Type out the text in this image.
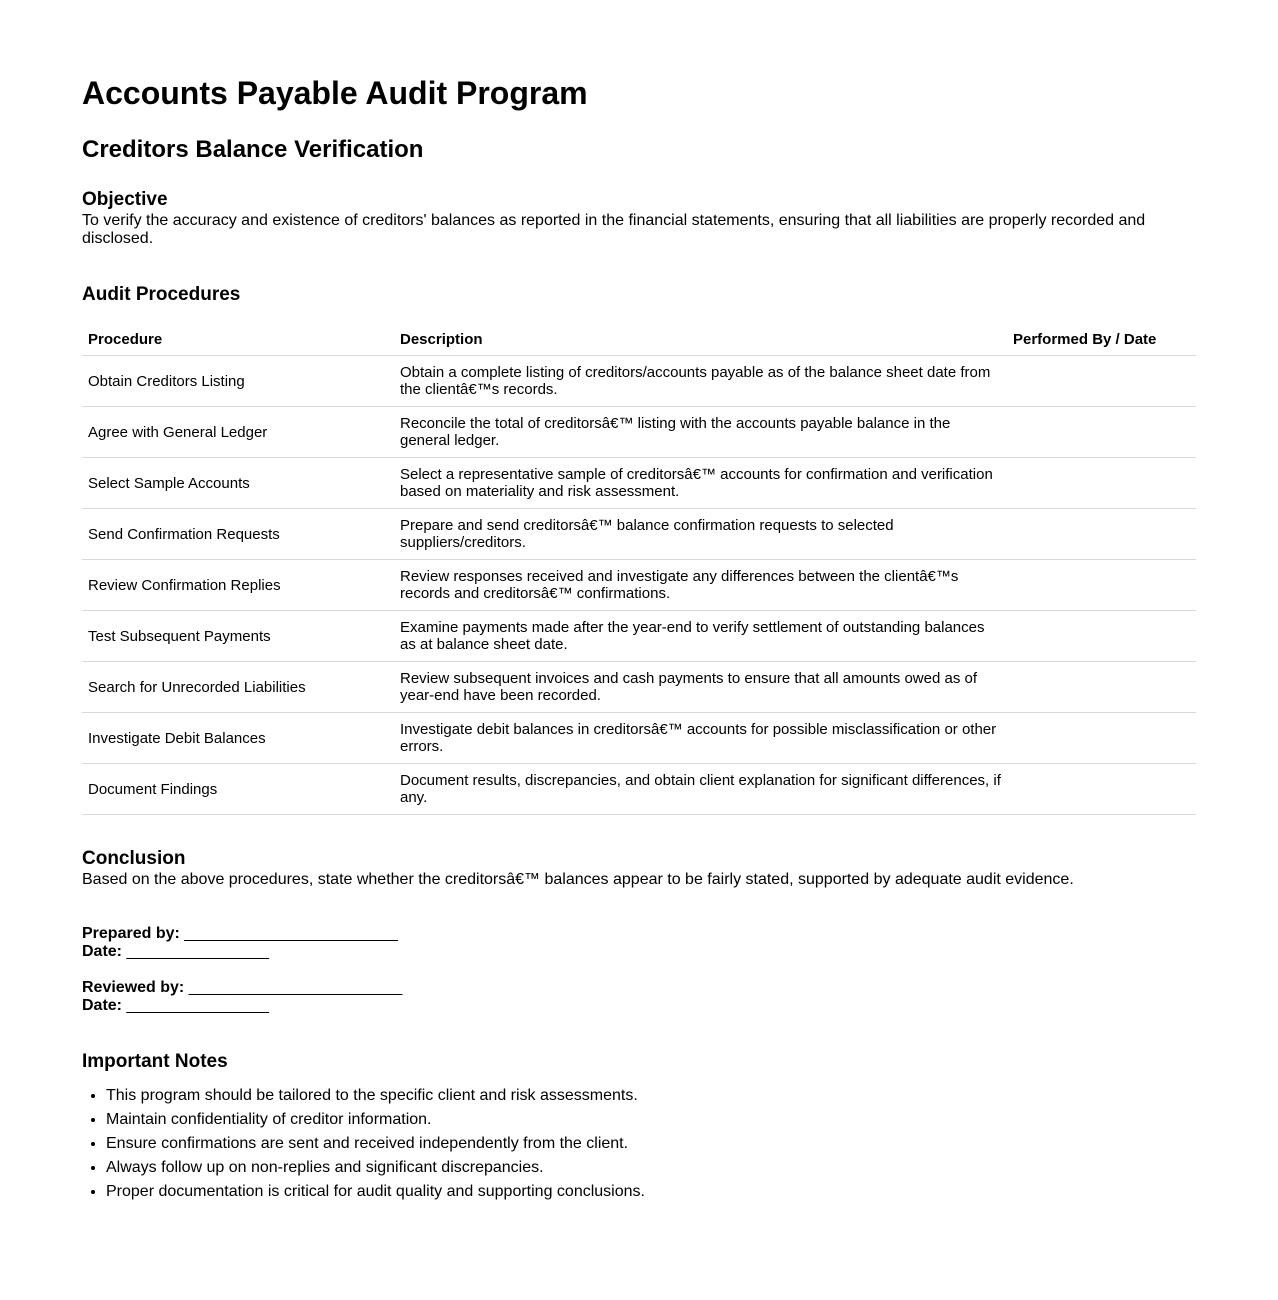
Accounts Payable Audit Program
Creditors Balance Verification
Objective

To verify the accuracy and existence of creditors' balances as reported in the financial statements, ensuring that all liabilities are properly recorded and disclosed.

Audit Procedures
Procedure	Description	Performed By / Date
Obtain Creditors Listing	Obtain a complete listing of creditors/accounts payable as of the balance sheet date from the clientâ€™s records.	
Agree with General Ledger	Reconcile the total of creditorsâ€™ listing with the accounts payable balance in the general ledger.	
Select Sample Accounts	Select a representative sample of creditorsâ€™ accounts for confirmation and verification based on materiality and risk assessment.	
Send Confirmation Requests	Prepare and send creditorsâ€™ balance confirmation requests to selected suppliers/creditors.	
Review Confirmation Replies	Review responses received and investigate any differences between the clientâ€™s records and creditorsâ€™ confirmations.	
Test Subsequent Payments	Examine payments made after the year-end to verify settlement of outstanding balances as at balance sheet date.	
Search for Unrecorded Liabilities	Review subsequent invoices and cash payments to ensure that all amounts owed as of year-end have been recorded.	
Investigate Debit Balances	Investigate debit balances in creditorsâ€™ accounts for possible misclassification or other errors.	
Document Findings	Document results, discrepancies, and obtain client explanation for significant differences, if any.	
Conclusion

Based on the above procedures, state whether the creditorsâ€™ balances appear to be fairly stated, supported by adequate audit evidence.

Prepared by: ________________________
Date: ________________
Reviewed by: ________________________
Date: ________________
Important Notes
• This program should be tailored to the specific client and risk assessments.
• Maintain confidentiality of creditor information.
• Ensure confirmations are sent and received independently from the client.
• Always follow up on non-replies and significant discrepancies.
• Proper documentation is critical for audit quality and supporting conclusions.
